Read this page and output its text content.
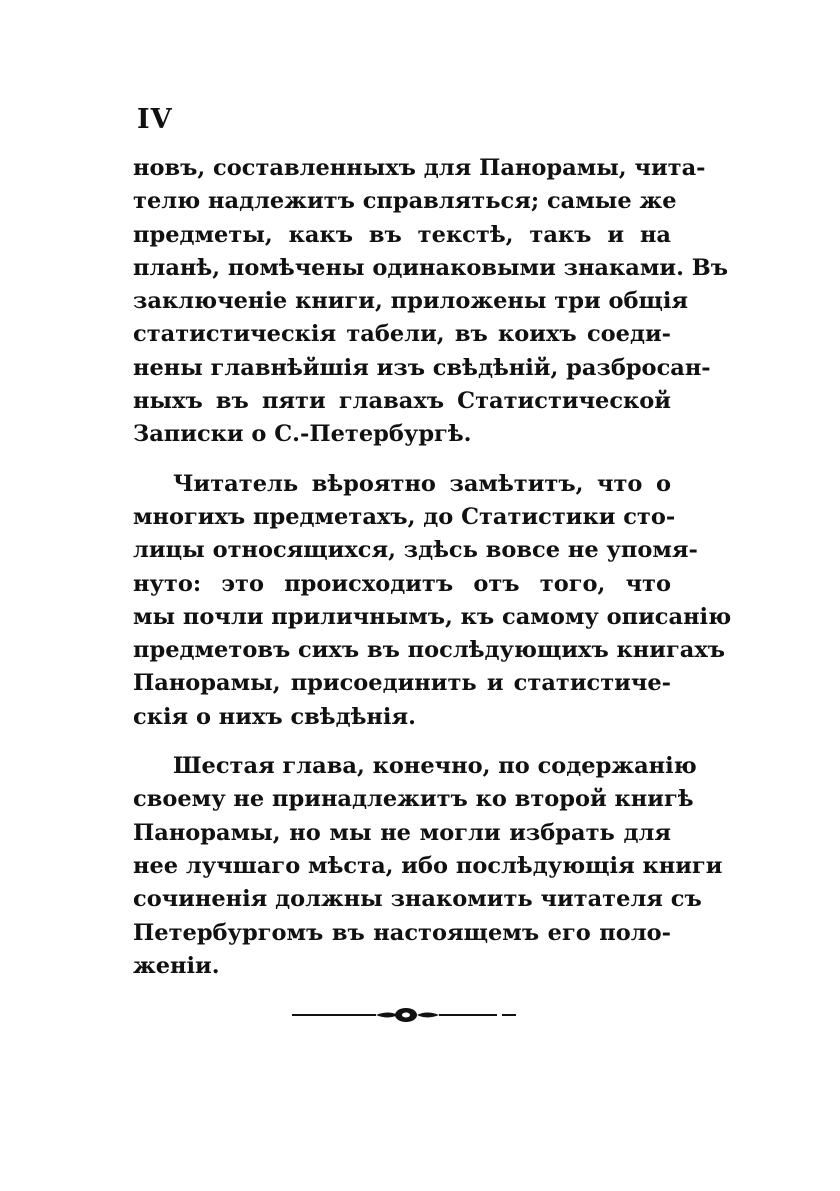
IV
новъ, составленныхъ для Панорамы, чита-
телю надлежитъ справляться; самые же
предметы, какъ въ текстѣ, такъ и на
планѣ, помѣчены одинаковыми знаками. Въ
заключенiе книги, приложены три общiя
статистическiя табели, въ коихъ соеди-
нены главнѣйшiя изъ свѣдѣнiй, разбросан-
ныхъ въ пяти главахъ Статистической
Записки о С.-Петербургѣ.
Читатель вѣроятно замѣтитъ, что о
многихъ предметахъ, до Статистики сто-
лицы относящихся, здѣсь вовсе не упомя-
нуто: это происходитъ отъ того, что
мы почли приличнымъ, къ самому описанiю
предметовъ сихъ въ послѣдующихъ книгахъ
Панорамы, присоединить и статистиче-
скiя о нихъ свѣдѣнiя.
Шестая глава, конечно, по содержанiю
своему не принадлежитъ ко второй книгѣ
Панорамы, но мы не могли избрать для
нее лучшаго мѣста, ибо послѣдующiя книги
сочиненiя должны знакомить читателя съ
Петербургомъ въ настоящемъ его поло-
женiи.
